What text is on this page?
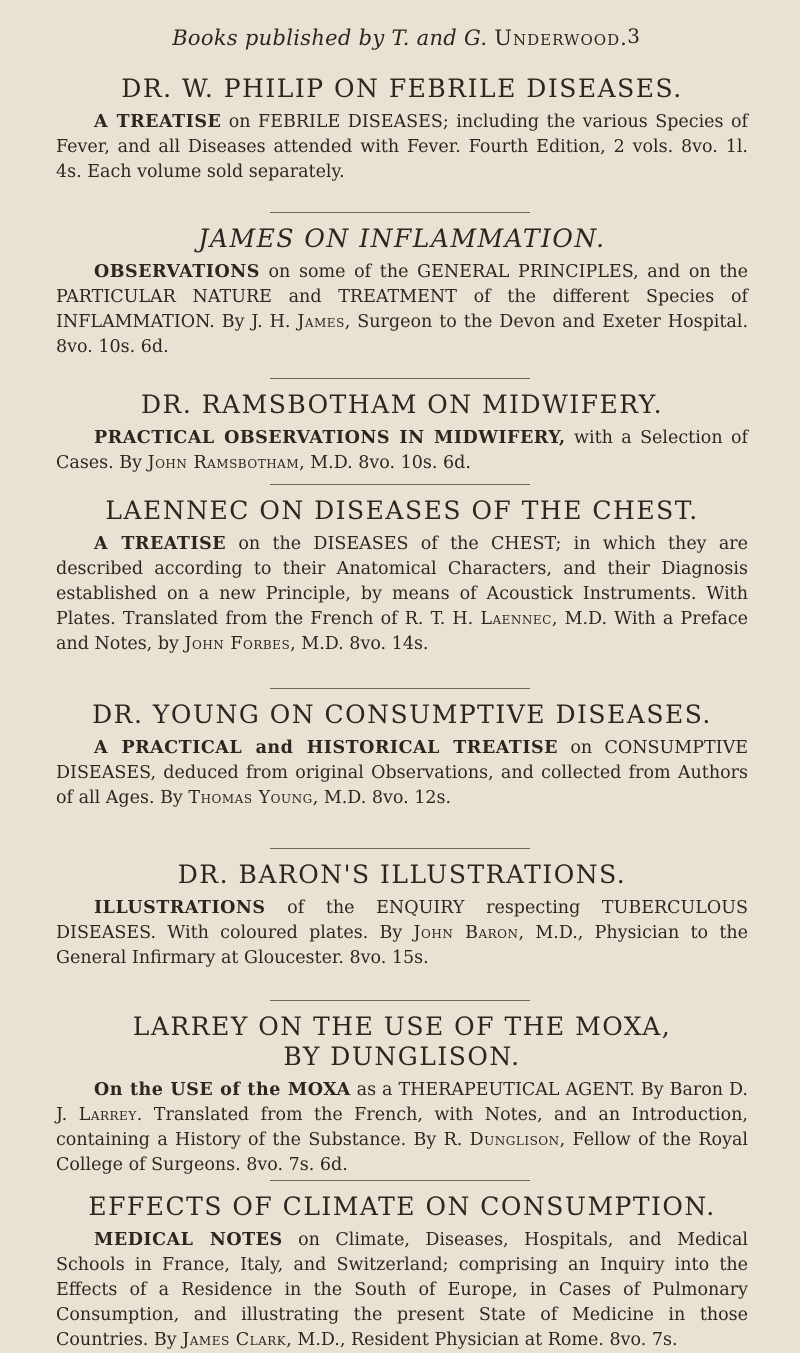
Books published by T. and G. Underwood. 3
DR. W. PHILIP ON FEBRILE DISEASES.

A TREATISE on FEBRILE DISEASES; including the various Species of Fever, and all Diseases attended with Fever. Fourth Edition, 2 vols. 8vo. 1l. 4s. Each volume sold separately.

JAMES ON INFLAMMATION.

OBSERVATIONS on some of the GENERAL PRINCIPLES, and on the PARTICULAR NATURE and TREATMENT of the different Species of INFLAMMATION. By J. H. James, Surgeon to the Devon and Exeter Hospital. 8vo. 10s. 6d.

DR. RAMSBOTHAM ON MIDWIFERY.

PRACTICAL OBSERVATIONS IN MIDWIFERY, with a Selection of Cases. By John Ramsbotham, M.D. 8vo. 10s. 6d.

LAENNEC ON DISEASES OF THE CHEST.

A TREATISE on the DISEASES of the CHEST; in which they are described according to their Anatomical Characters, and their Diagnosis established on a new Principle, by means of Acoustick Instruments. With Plates. Translated from the French of R. T. H. Laennec, M.D. With a Preface and Notes, by John Forbes, M.D. 8vo. 14s.

DR. YOUNG ON CONSUMPTIVE DISEASES.

A PRACTICAL and HISTORICAL TREATISE on CONSUMPTIVE DISEASES, deduced from original Observations, and collected from Authors of all Ages. By Thomas Young, M.D. 8vo. 12s.

DR. BARON'S ILLUSTRATIONS.

ILLUSTRATIONS of the ENQUIRY respecting TUBERCULOUS DISEASES. With coloured plates. By John Baron, M.D., Physician to the General Infirmary at Gloucester. 8vo. 15s.

LARREY ON THE USE OF THE MOXA,
BY DUNGLISON.

On the USE of the MOXA as a THERAPEUTICAL AGENT. By Baron D. J. Larrey. Translated from the French, with Notes, and an Introduction, containing a History of the Substance. By R. Dunglison, Fellow of the Royal College of Surgeons. 8vo. 7s. 6d.

EFFECTS OF CLIMATE ON CONSUMPTION.

MEDICAL NOTES on Climate, Diseases, Hospitals, and Medical Schools in France, Italy, and Switzerland; comprising an Inquiry into the Effects of a Residence in the South of Europe, in Cases of Pulmonary Consumption, and illustrating the present State of Medicine in those Countries. By James Clark, M.D., Resident Physician at Rome. 8vo. 7s.
